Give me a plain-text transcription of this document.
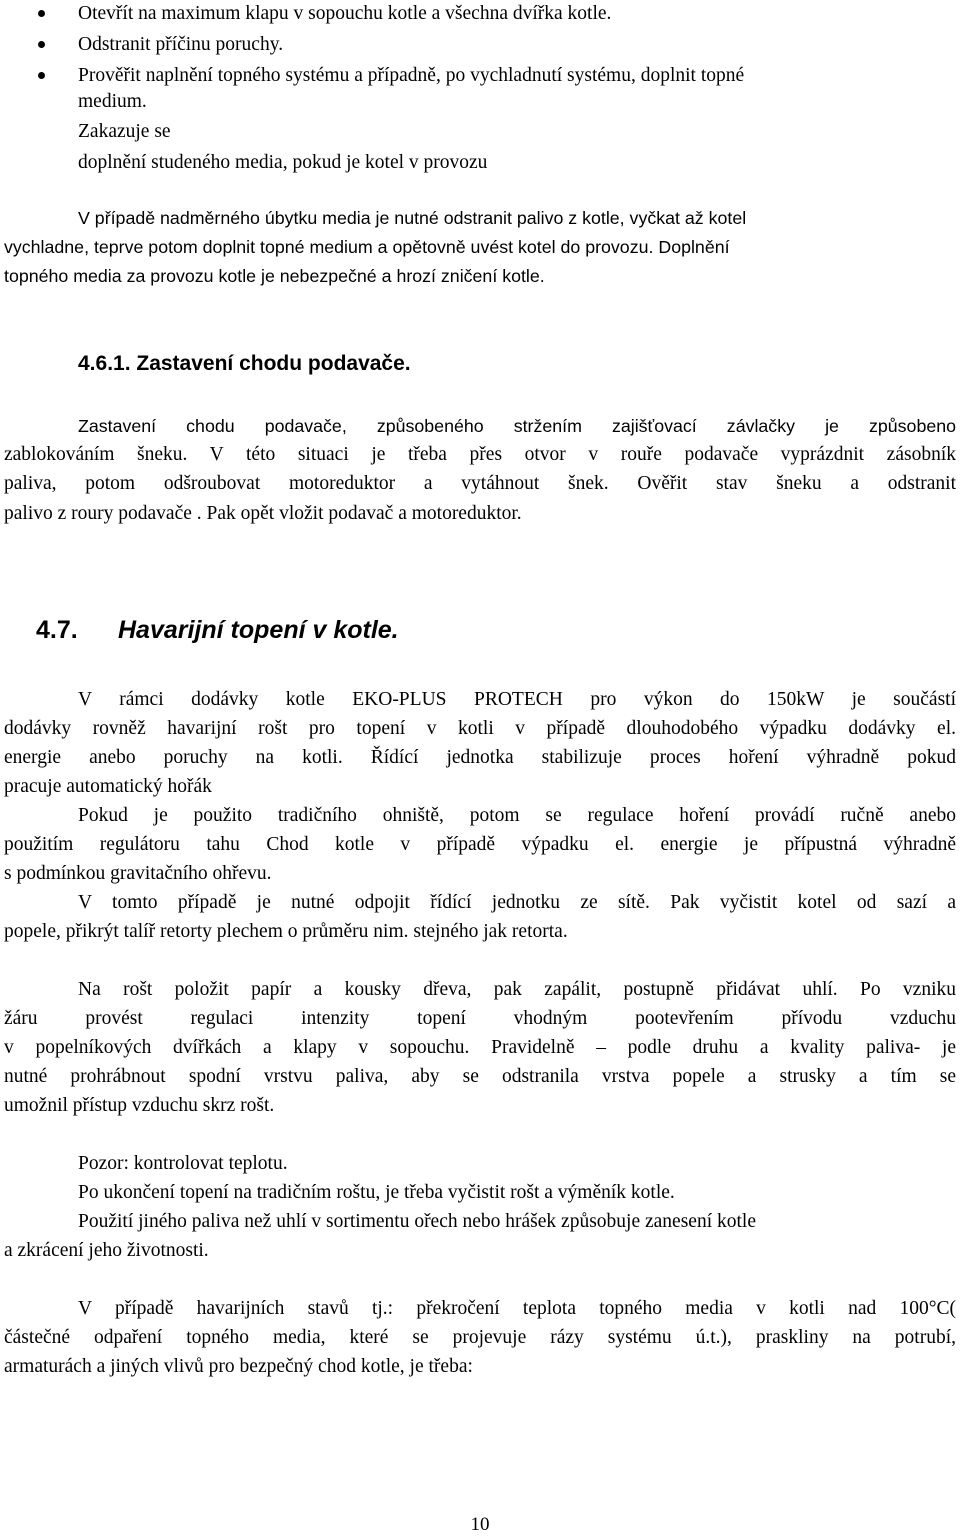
Otevřít na maximum klapu v sopouchu kotle a všechna dvířka kotle.
Odstranit příčinu poruchy.
Prověřit naplnění topného systému a případně, po vychladnutí systému, doplnit topné
medium.
Zakazuje se
doplnění studeného media, pokud je kotel v provozu
V případě nadměrného úbytku media je nutné odstranit palivo z kotle, vyčkat až kotel
vychladne, teprve potom doplnit topné medium a opětovně uvést kotel do provozu. Doplnění
topného media za provozu kotle je nebezpečné a hrozí zničení kotle.
4.6.1. Zastavení chodu podavače.
Zastavení chodu podavače, způsobeného stržením zajišťovací závlačky je způsobeno
zablokováním šneku. V této situaci je třeba přes otvor v rouře podavače vyprázdnit zásobník
paliva, potom odšroubovat motoreduktor a vytáhnout šnek. Ověřit stav šneku a odstranit
palivo z roury podavače . Pak opět vložit podavač a motoreduktor.
4.7. Havarijní topení v kotle.
V rámci dodávky kotle EKO-PLUS PROTECH pro výkon do 150kW je součástí
dodávky rovněž havarijní rošt pro topení v kotli v případě dlouhodobého výpadku dodávky el.
energie anebo poruchy na kotli. Řídící jednotka stabilizuje proces hoření výhradně pokud
pracuje automatický hořák
Pokud je použito tradičního ohniště, potom se regulace hoření provádí ručně anebo
použitím regulátoru tahu Chod kotle v případě výpadku el. energie je přípustná výhradně
s podmínkou gravitačního ohřevu.
V tomto případě je nutné odpojit řídící jednotku ze sítě. Pak vyčistit kotel od sazí a
popele, přikrýt talíř retorty plechem o průměru nim. stejného jak retorta.
Na rošt položit papír a kousky dřeva, pak zapálit, postupně přidávat uhlí. Po vzniku
žáru provést regulaci intenzity topení vhodným pootevřením přívodu vzduchu
v popelníkových dvířkách a klapy v sopouchu. Pravidelně – podle druhu a kvality paliva- je
nutné prohrábnout spodní vrstvu paliva, aby se odstranila vrstva popele a strusky a tím se
umožnil přístup vzduchu skrz rošt.
Pozor: kontrolovat teplotu.
Po ukončení topení na tradičním roštu, je třeba vyčistit rošt a výměník kotle.
Použití jiného paliva než uhlí v sortimentu ořech nebo hrášek způsobuje zanesení kotle
a zkrácení jeho životnosti.
V případě havarijních stavů tj.: překročení teplota topného media v kotli nad 100°C(
částečné odpaření topného media, které se projevuje rázy systému ú.t.), praskliny na potrubí,
armaturách a jiných vlivů pro bezpečný chod kotle, je třeba:
10
